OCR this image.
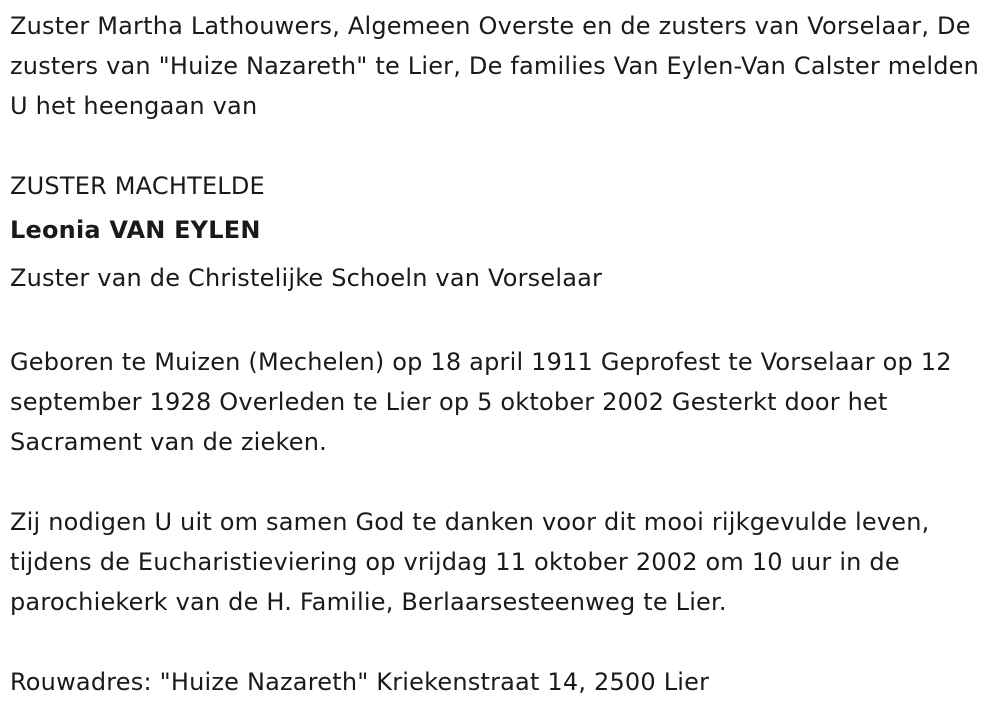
Zuster Martha Lathouwers, Algemeen Overste en de zusters van Vorselaar, De zusters van "Huize Nazareth" te Lier, De families Van Eylen-Van Calster melden U het heengaan van

ZUSTER MACHTELDE

Leonia VAN EYLEN

Zuster van de Christelijke Schoeln van Vorselaar

Geboren te Muizen (Mechelen) op 18 april 1911 Geprofest te Vorselaar op 12 september 1928 Overleden te Lier op 5 oktober 2002 Gesterkt door het Sacrament van de zieken.

Zij nodigen U uit om samen God te danken voor dit mooi rijkgevulde leven, tijdens de Eucharistieviering op vrijdag 11 oktober 2002 om 10 uur in de parochiekerk van de H. Familie, Berlaarsesteenweg te Lier.

Rouwadres: "Huize Nazareth" Kriekenstraat 14, 2500 Lier
